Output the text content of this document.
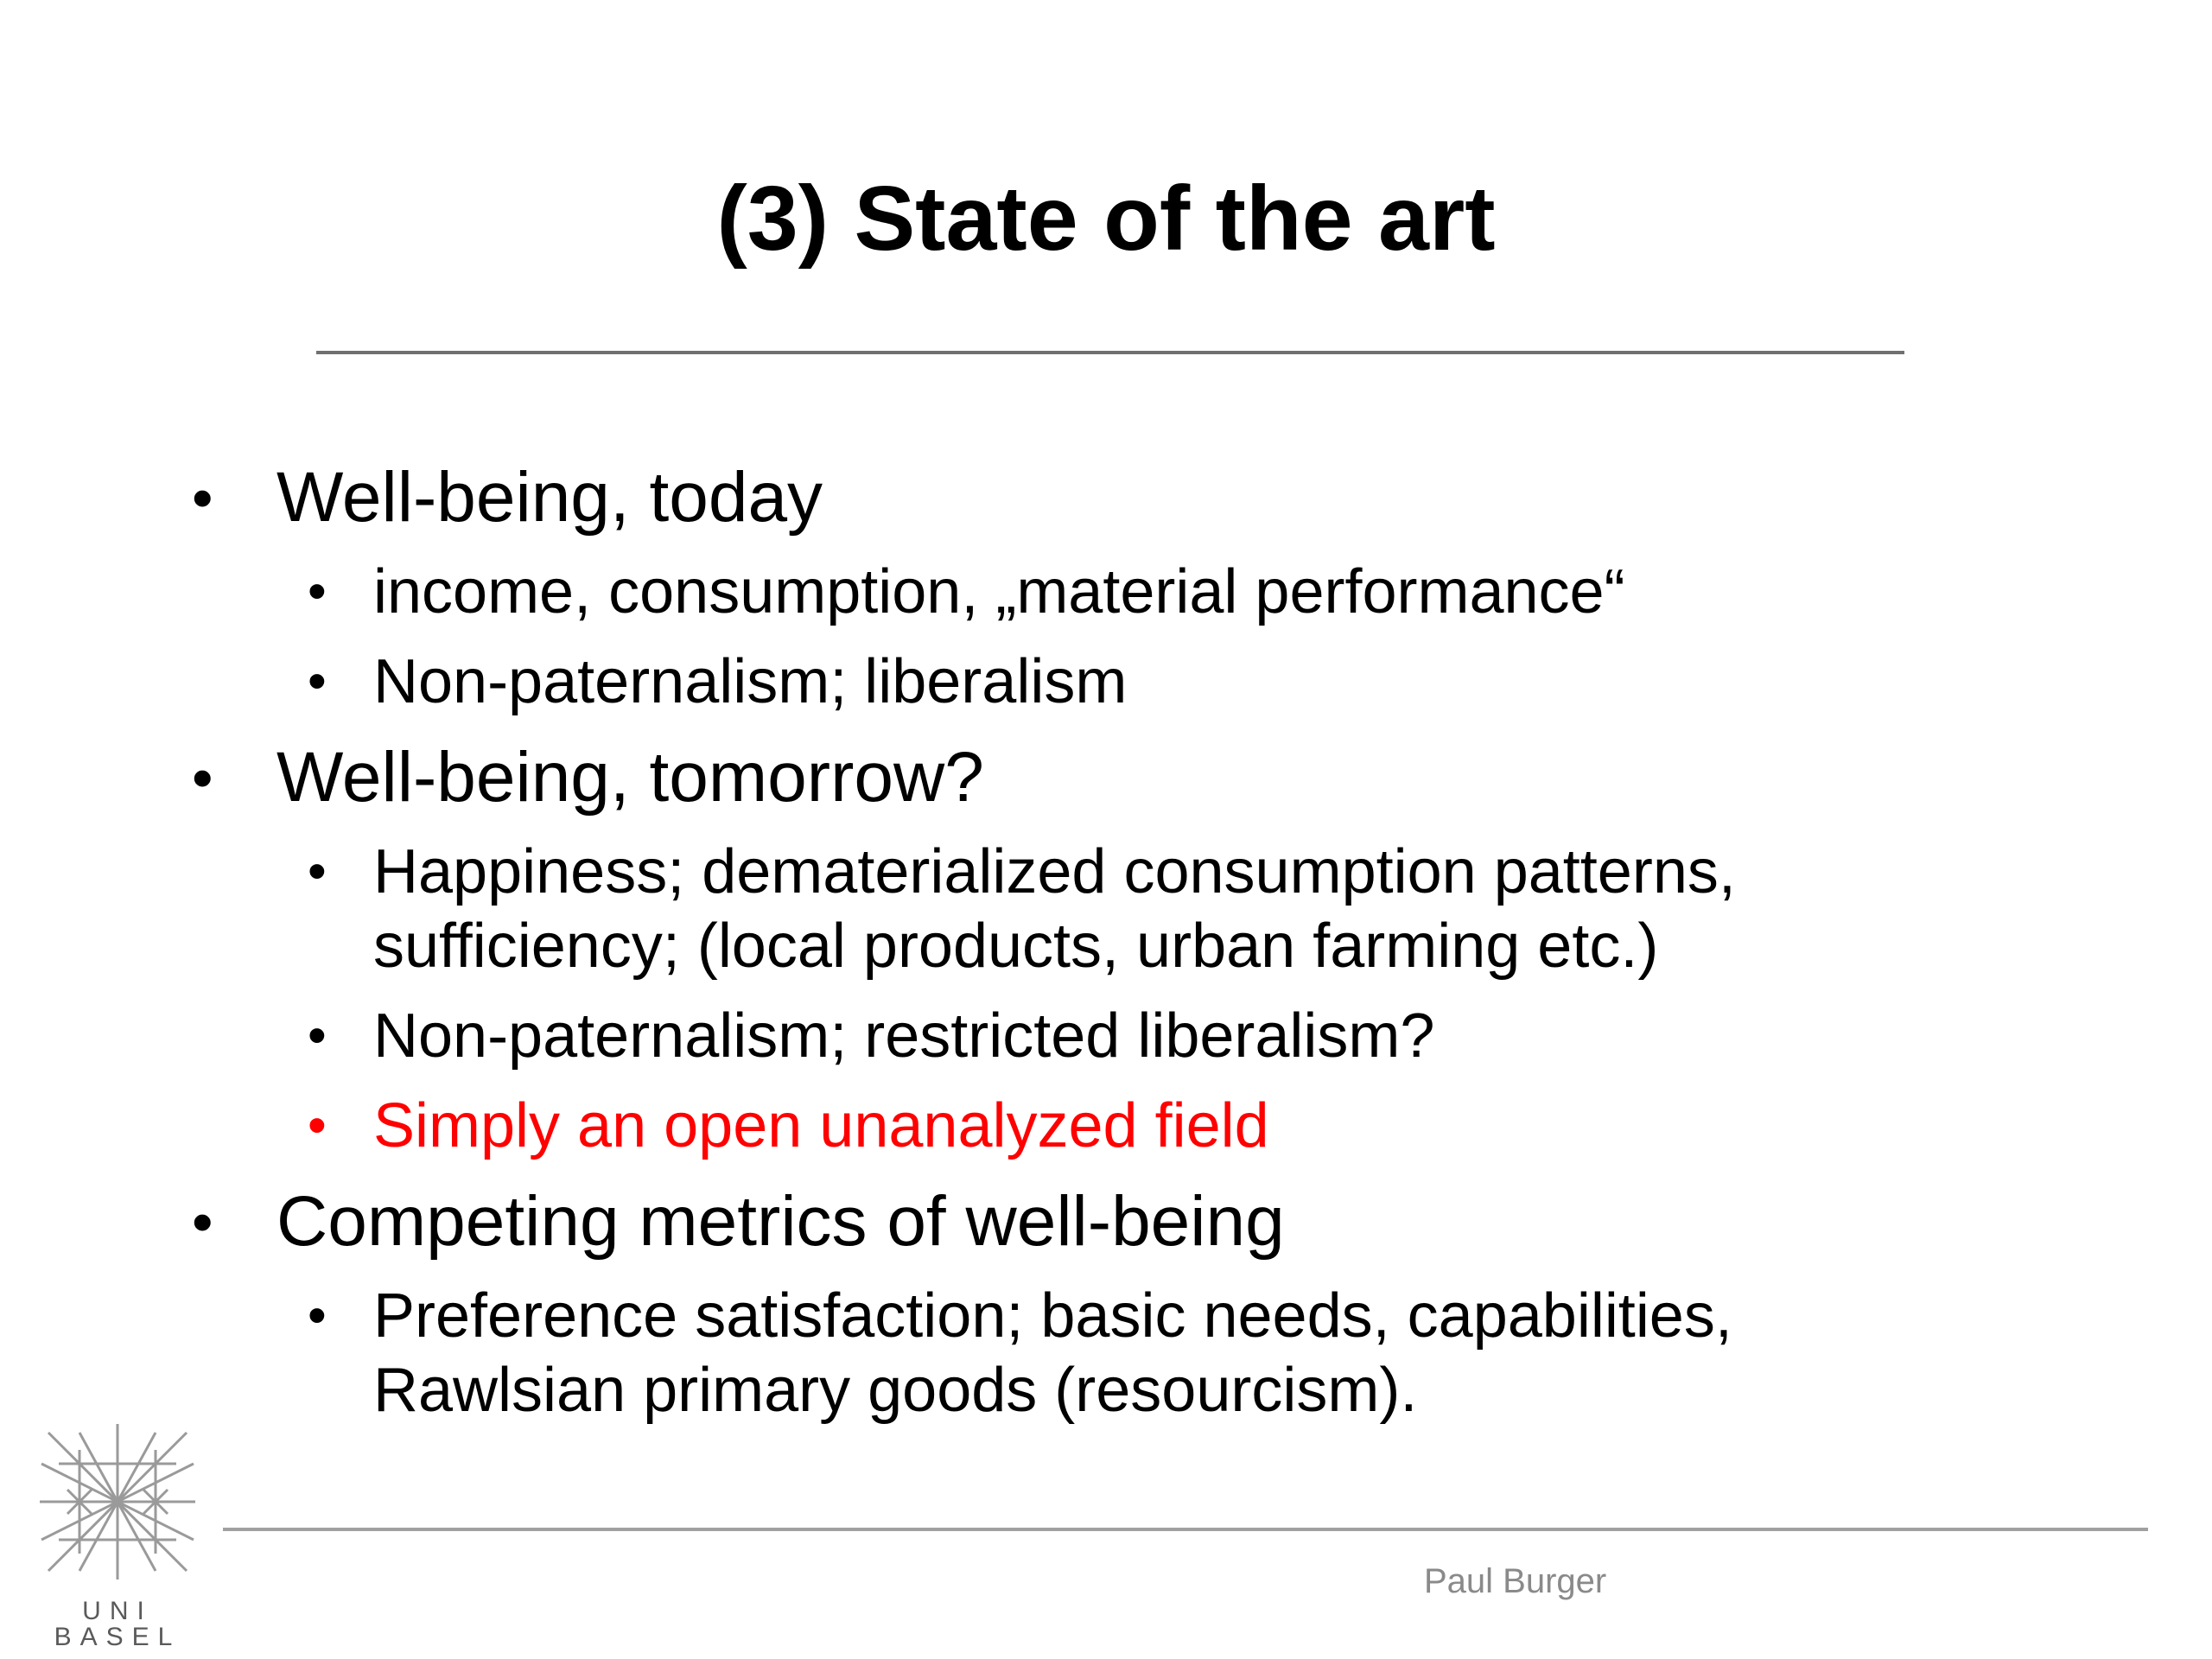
(3) State of the art

• Well-being, today

• income, consumption, „material performance“

• Non-paternalism; liberalism

• Well-being, tomorrow?

• Happiness; dematerialized consumption patterns,

sufficiency; (local products, urban farming etc.)

• Non-paternalism; restricted liberalism?

• Simply an open unanalyzed field

• Competing metrics of well-being

• Preference satisfaction; basic needs, capabilities,

Rawlsian primary goods (resourcism).

UNI

BASEL

Paul Burger
